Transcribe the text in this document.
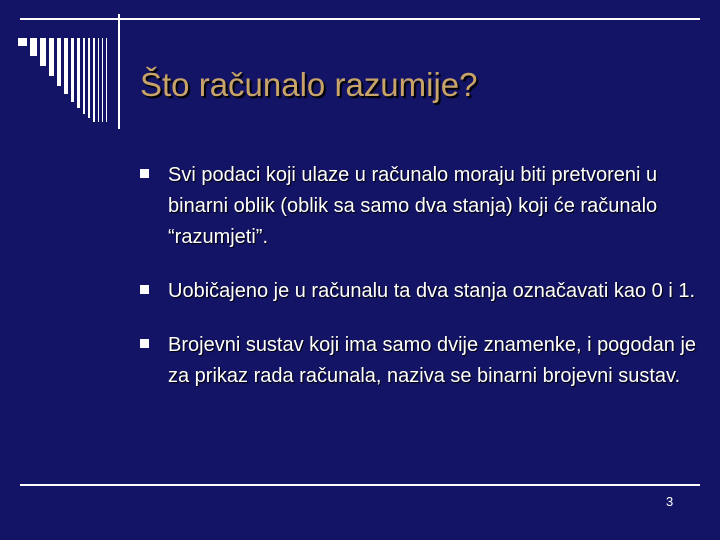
Što računalo razumije?
Svi podaci koji ulaze u računalo moraju biti pretvoreni u binarni oblik (oblik sa samo dva stanja) koji će računalo “razumjeti”.
Uobičajeno je u računalu ta dva stanja označavati kao 0 i 1.
Brojevni sustav koji ima samo dvije znamenke, i pogodan je za prikaz rada računala, naziva se binarni brojevni sustav.
3
